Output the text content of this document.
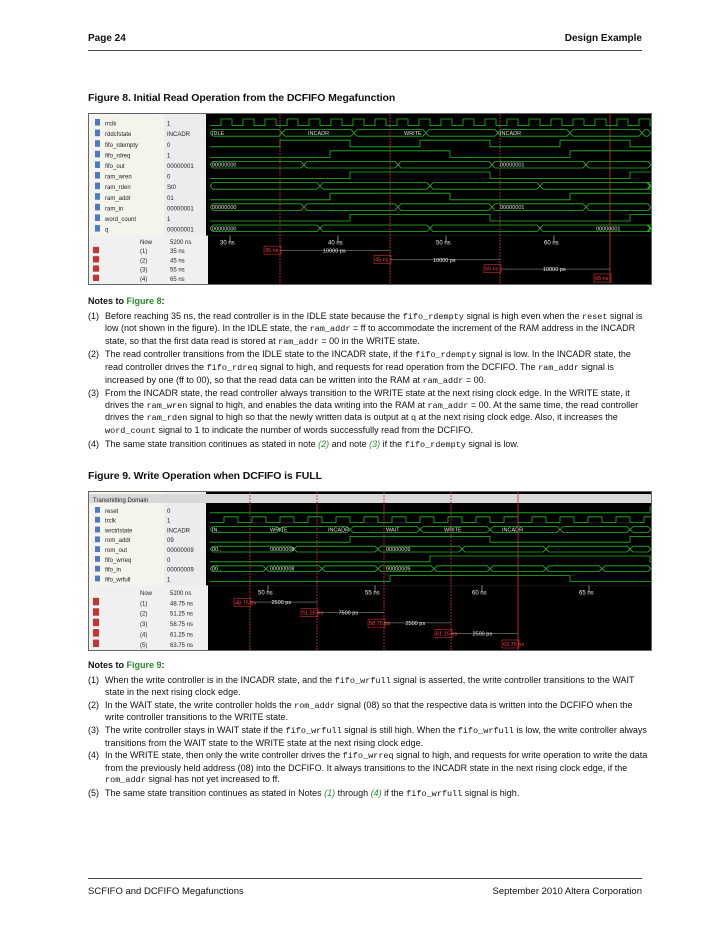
Page 24	Design Example
Figure 8. Initial Read Operation from the DCFIFO Megafunction
rrclk	1
rddcfstate	INCADR	IDLE	INCADR	WRITE	INCADR
fifo_rdempty	0
fifo_rdreq	1
fifo_out	00000001	00000000	00000001
ram_wren	0
ram_rden	St0
ram_addr	01
ram_in	00000001	00000000	00000001
word_count	1
q	00000001	00000000	00000001
Now	5200 ns
(1)	35 ns
(2)	45 ns
(3)	55 ns
(4)	65 ns
30 ns	40 ns	50 ns	60 ns
35 ns
45 ns
55 ns
65 ns
10000 ps
10000 ps
10000 ps
Notes to Figure 8:
(1) Before reaching 35 ns, the read controller is in the IDLE state because the fifo_rdempty signal is high even when the reset signal is low (not shown in the figure). In the IDLE state, the ram_addr = ff to accommodate the increment of the RAM address in the INCADR state, so that the first data read is stored at ram_addr = 00 in the WRITE state.
(2) The read controller transitions from the IDLE state to the INCADR state, if the fifo_rdempty signal is low. In the INCADR state, the read controller drives the fifo_rdreq signal to high, and requests for read operation from the DCFIFO. The ram_addr signal is increased by one (ff to 00), so that the read data can be written into the RAM at ram_addr = 00.
(3) From the INCADR state, the read controller always transition to the WRITE state at the next rising clock edge. In the WRITE state, it drives the ram_wren signal to high, and enables the data writing into the RAM at ram_addr = 00. At the same time, the read controller drives the ram_rden signal to high so that the newly written data is output at q at the next rising clock edge. Also, it increases the word_count signal to 1 to indicate the number of words successfully read from the DCFIFO.
(4) The same state transition continues as stated in note (2) and note (3) if the fifo_rdempty signal is low.
Figure 9. Write Operation when DCFIFO is FULL
Transmitting Domain
reset	0
trclk	1
wrctrlstate	INCADR	IN..	WRITE	INCADR	WAIT	WRITE	INCADR
rom_addr	09
rom_out	00000009	00..	00000008	00000009
fifo_wrreq	0
fifo_in	00000009	00..	00000008	00000009
fifo_wrfull	1
Now	5200 ns
(1)	48.75 ns
(2)	51.25 ns
(3)	58.75 ns
(4)	61.25 ns
(5)	63.75 ns
50 ns	55 ns	60 ns	65 ns
48.75 ns
51.25 ns
58.75 ns
61.25 ns
63.75 ns
2500 ps
7500 ps
2500 ps
2500 ps
Notes to Figure 9:
(1) When the write controller is in the INCADR state, and the fifo_wrfull signal is asserted, the write controller transitions to the WAIT state in the next rising clock edge.
(2) In the WAIT state, the write controller holds the rom_addr signal (08) so that the respective data is written into the DCFIFO when the write controller transitions to the WRITE state.
(3) The write controller stays in WAIT state if the fifo_wrfull signal is still high. When the fifo_wrfull is low, the write controller always transitions from the WAIT state to the WRITE state at the next rising clock edge.
(4) In the WRITE state, then only the write controller drives the fifo_wrreq signal to high, and requests for write operation to write the data from the previously held address (08) into the DCFIFO. It always transitions to the INCADR state in the next rising clock edge, if the rom_addr signal has not yet increased to ff.
(5) The same state transition continues as stated in Notes (1) through (4) if the fifo_wrfull signal is high.
SCFIFO and DCFIFO Megafunctions	September 2010 Altera Corporation
